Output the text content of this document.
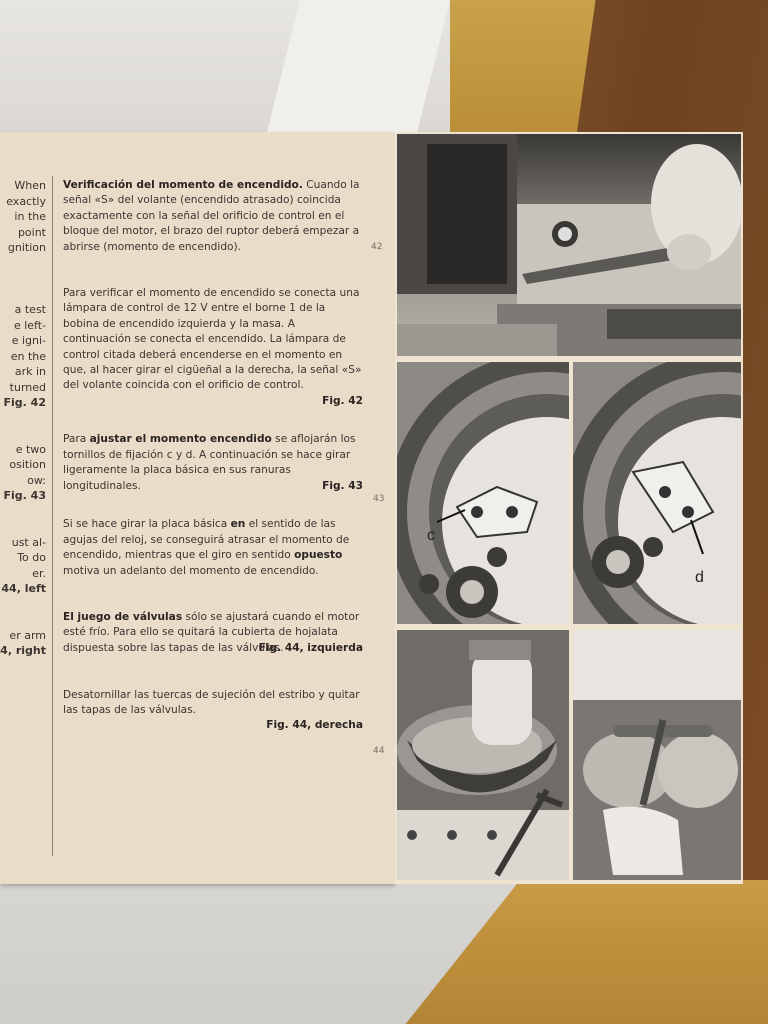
When
exactly
in the
point
gnition

a test
e left-
e igni-
en the
ark in
turned
Fig. 42

e two
osition
ow:
Fig. 43

ust al-
To do
er.
44, left

er arm
4, right

Verificación del momento de encendido. Cuando la señal «S» del volante (encendido atrasado) coincida exactamente con la señal del orificio de control en el bloque del motor, el brazo del ruptor deberá empezar a abrirse (momento de encendido).

Para verificar el momento de encendido se conecta una lámpara de control de 12 V entre el borne 1 de la bobina de encendido izquierda y la masa. A continuación se conecta el encendido. La lámpara de control citada deberá encenderse en el momento en que, al hacer girar el cigüeñal a la derecha, la señal «S» del volante coincida con el orificio de control.

Fig. 42

Para ajustar el momento encendido se aflojarán los tornillos de fijación c y d. A continuación se hace girar ligeramente la placa básica en sus ranuras longitudinales.	Fig. 43

Si se hace girar la placa básica en el sentido de las agujas del reloj, se conseguirá atrasar el momento de encendido, mientras que el giro en sentido opuesto motiva un adelanto del momento de encendido.

El juego de válvulas sólo se ajustará cuando el motor esté frío. Para ello se quitará la cubierta de hojalata dispuesta sobre las tapas de las válvulas.

Fig. 44, izquierda

Desatornillar las tuercas de sujeción del estribo y quitar las tapas de las válvulas.

Fig. 44, derecha
42
43
44
c
d
